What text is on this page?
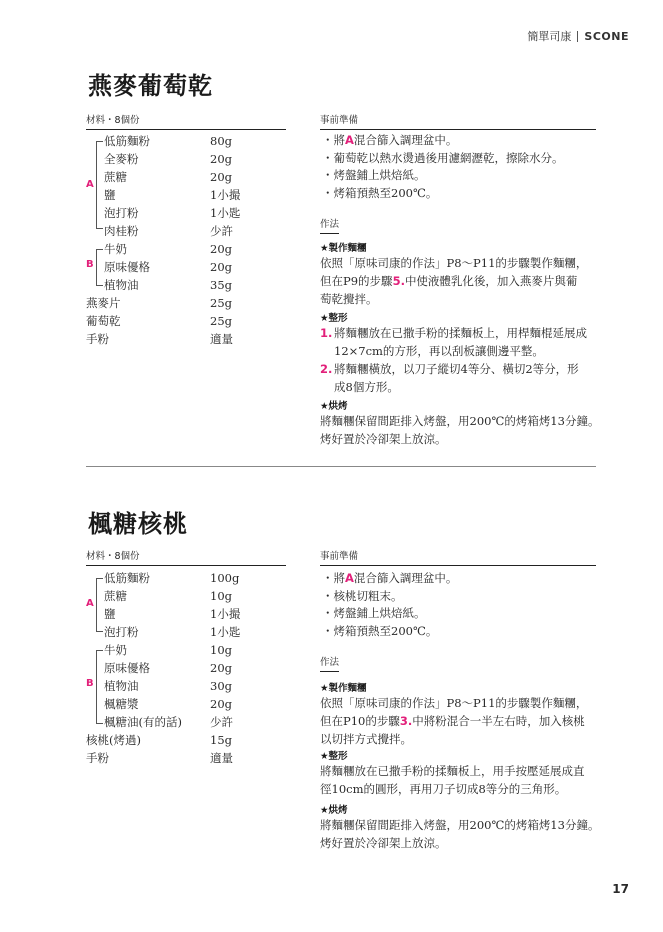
簡單司康 SCONE
燕麥葡萄乾
材料・8個份
A
B
低筋麵粉	80g
全麥粉	20g
蔗糖	20g
鹽	1小撮
泡打粉	1小匙
肉桂粉	少許
牛奶	20g
原味優格	20g
植物油	35g
燕麥片	25g
葡萄乾	25g
手粉	適量
事前準備
・將A混合篩入調理盆中。
・葡萄乾以熱水燙過後用濾網瀝乾，擦除水分。
・烤盤鋪上烘焙紙。
・烤箱預熱至200℃。
作法
★製作麵糰
依照「原味司康的作法」P8～P11的步驟製作麵糰，
但在P9的步驟5.中使液體乳化後，加入燕麥片與葡
萄乾攪拌。
★整形
1. 將麵糰放在已撒手粉的揉麵板上，用桿麵棍延展成
12×7cm的方形，再以刮板讓側邊平整。
2. 將麵糰橫放，以刀子縱切4等分、橫切2等分，形
成8個方形。
★烘烤
將麵糰保留間距排入烤盤，用200℃的烤箱烤13分鐘。
烤好置於冷卻架上放涼。
楓糖核桃
材料・8個份
A
B
低筋麵粉	100g
蔗糖	10g
鹽	1小撮
泡打粉	1小匙
牛奶	10g
原味優格	20g
植物油	30g
楓糖漿	20g
楓糖油(有的話) 少許
核桃(烤過)	15g
手粉	適量
事前準備
・將A混合篩入調理盆中。
・核桃切粗末。
・烤盤鋪上烘焙紙。
・烤箱預熱至200℃。
作法
★製作麵糰
依照「原味司康的作法」P8～P11的步驟製作麵糰，
但在P10的步驟3.中將粉混合一半左右時，加入核桃
以切拌方式攪拌。
★整形
將麵糰放在已撒手粉的揉麵板上，用手按壓延展成直
徑10cm的圓形，再用刀子切成8等分的三角形。
★烘烤
將麵糰保留間距排入烤盤，用200℃的烤箱烤13分鐘。
烤好置於冷卻架上放涼。
17
